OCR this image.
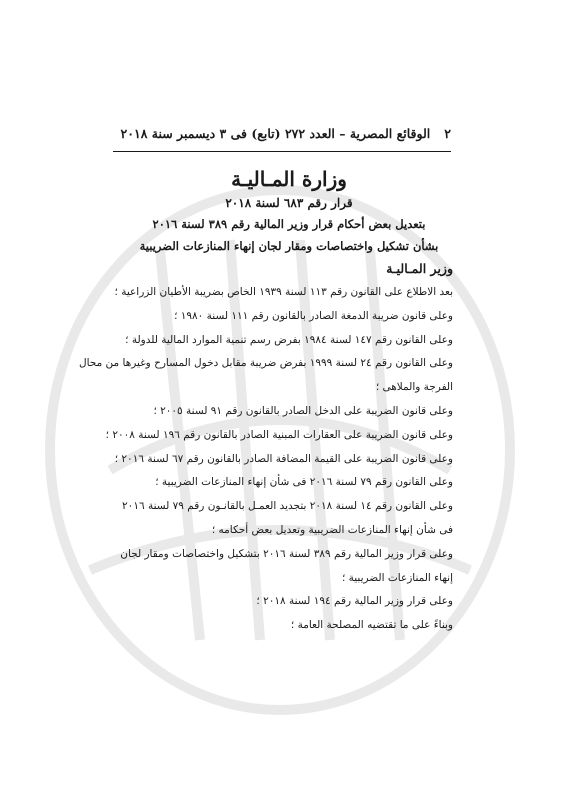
٢
الوقائع المصرية – العدد ٢٧٢ (تابع) فى ٣ ديسمبر سنة ٢٠١٨

وزارة المـاليـة

قرار رقم ٦٨٣ لسنة ٢٠١٨

بتعديل بعض أحكام قرار وزير المالية رقم ٣٨٩ لسنة ٢٠١٦

بشأن تشكيل واختصاصات ومقار لجان إنهاء المنازعات الضريبية

وزير المـاليـة

بعد الاطلاع على القانون رقم ١١٣ لسنة ١٩٣٩ الخاص بضريبة الأطيان الزراعية ؛

وعلى قانون ضريبة الدمغة الصادر بالقانون رقم ١١١ لسنة ١٩٨٠ ؛

وعلى القانون رقم ١٤٧ لسنة ١٩٨٤ بفرض رسم تنمية الموارد المالية للدولة ؛

وعلى القانون رقم ٢٤ لسنة ١٩٩٩ بفرض ضريبة مقابل دخول المسارح وغيرها من محال

الفرجة والملاهى ؛

وعلى قانون الضريبة على الدخل الصادر بالقانون رقم ٩١ لسنة ٢٠٠٥ ؛

وعلى قانون الضريبة على العقارات المبنية الصادر بالقانون رقم ١٩٦ لسنة ٢٠٠٨ ؛

وعلى قانون الضريبة على القيمة المضافة الصادر بالقانون رقم ٦٧ لسنة ٢٠١٦ ؛

وعلى القانون رقم ٧٩ لسنة ٢٠١٦ فى شأن إنهاء المنازعات الضريبية ؛

وعلى القانون رقم ١٤ لسنة ٢٠١٨ بتجديد العمـل بالقانـون رقم ٧٩ لسنة ٢٠١٦

فى شأن إنهاء المنازعات الضريبية وتعديل بعض أحكامه ؛

وعلى قرار وزير المالية رقم ٣٨٩ لسنة ٢٠١٦ بتشكيل واختصاصات ومقار لجان

إنهاء المنازعات الضريبية ؛

وعلى قرار وزير المالية رقم ١٩٤ لسنة ٢٠١٨ ؛

وبناءً على ما تقتضيه المصلحة العامة ؛
